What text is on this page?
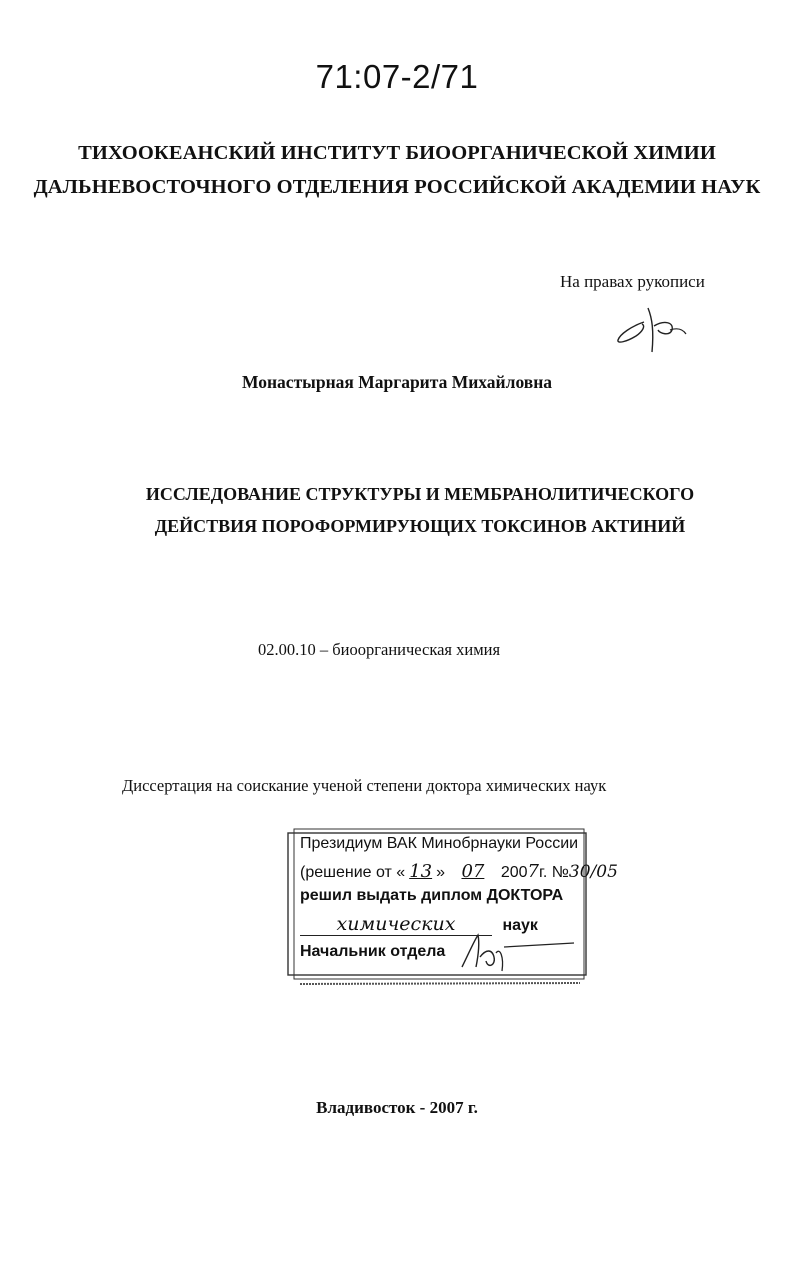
71:07-2/71
ТИХООКЕАНСКИЙ ИНСТИТУТ БИООРГАНИЧЕСКОЙ ХИМИИ
ДАЛЬНЕВОСТОЧНОГО ОТДЕЛЕНИЯ РОССИЙСКОЙ АКАДЕМИИ НАУК
На правах рукописи
Монастырная Маргарита Михайловна
ИССЛЕДОВАНИЕ СТРУКТУРЫ И МЕМБРАНОЛИТИЧЕСКОГО
ДЕЙСТВИЯ ПОРОФОРМИРУЮЩИХ ТОКСИНОВ АКТИНИЙ
02.00.10 – биоорганическая химия
Диссертация на соискание ученой степени доктора химических наук
Президиум ВАК Минобрнауки России
(решение от « 13 » 07 2007г. №30/05
решил выдать диплом ДОКТОРА
химических	наук
Начальник отдела
Владивосток - 2007 г.
